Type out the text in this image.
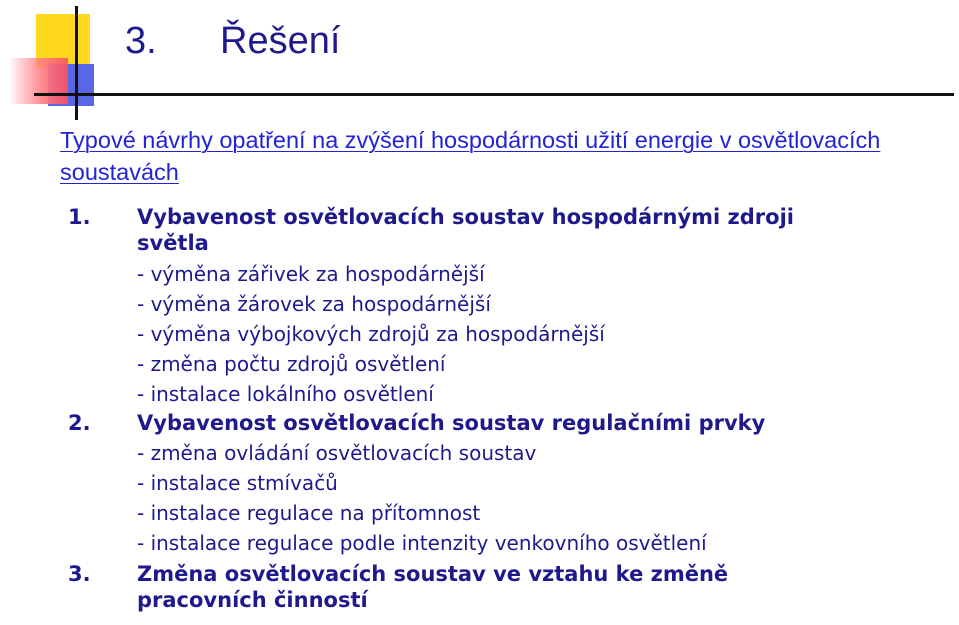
3. Řešení
Typové návrhy opatření na zvýšení hospodárnosti užití energie v osvětlovacích soustavách
1. Vybavenost osvětlovacích soustav hospodárnými zdroji světla
- výměna zářivek za hospodárnější
- výměna žárovek za hospodárnější
- výměna výbojkových zdrojů za hospodárnější
- změna počtu zdrojů osvětlení
- instalace lokálního osvětlení
2. Vybavenost osvětlovacích soustav regulačními prvky
- změna ovládání osvětlovacích soustav
- instalace stmívačů
- instalace regulace na přítomnost
- instalace regulace podle intenzity venkovního osvětlení
3. Změna osvětlovacích soustav ve vztahu ke změně pracovních činností
